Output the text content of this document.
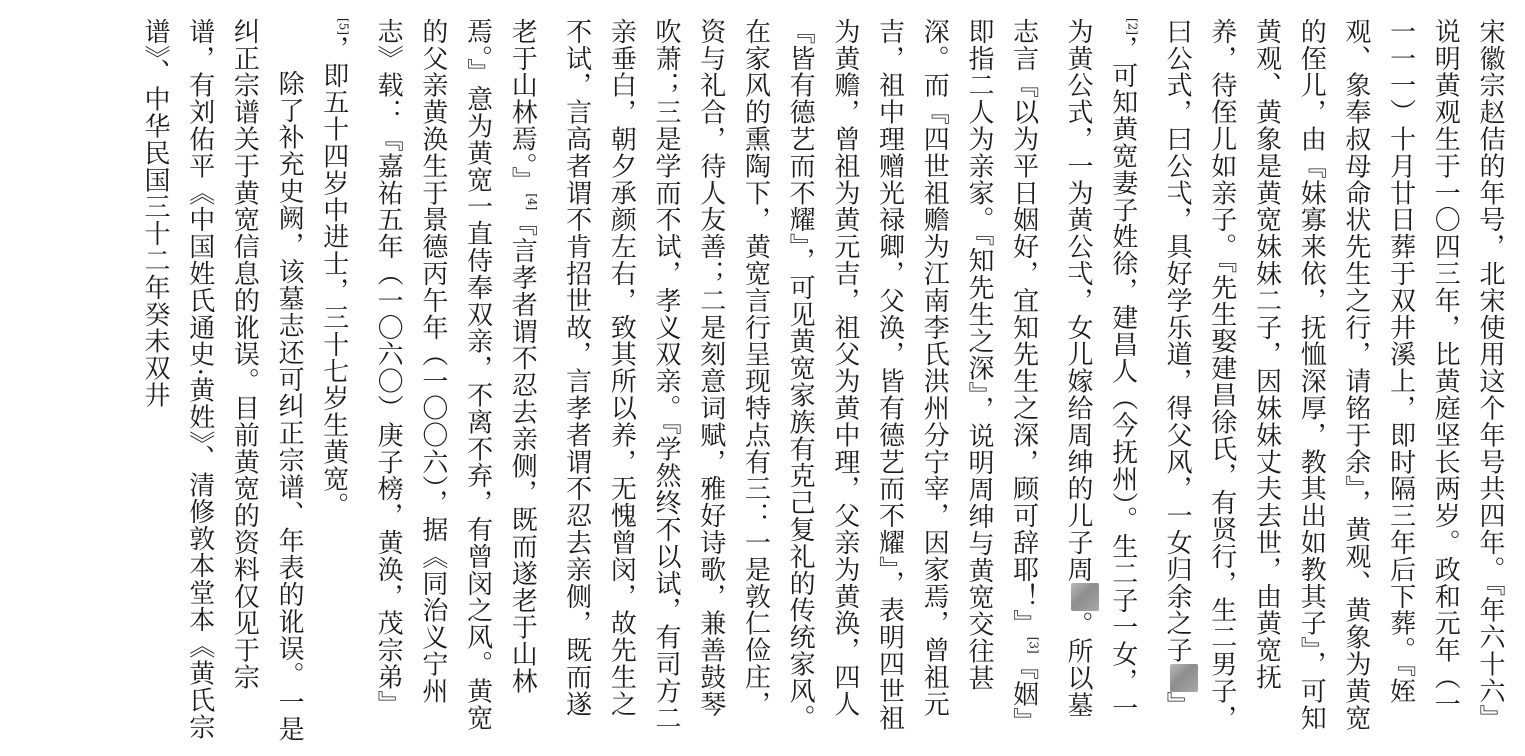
宋徽宗赵佶的年号，北宋使用这个年号共四年。『年六十六』说明黄观生于一〇四三年，比黄庭坚长两岁。政和元年（一一一一）十月廿日葬于双井溪上，即时隔三年后下葬。『姪观、象奉叔母命状先生之行，请铭于余』，黄观、黄象为黄宽的侄儿，由『妹寡来依，抚恤深厚，教其出如教其子』，可知黄观、黄象是黄宽妹妹二子，因妹妹丈夫去世，由黄宽抚养，待侄儿如亲子。『先生娶建昌徐氏，有贤行，生二男子，曰公式，曰公弌，具好学乐道，得父风，一女归余之子』[2]，可知黄宽妻子姓徐，建昌人（今抚州）。生二子一女，一为黄公式，一为黄公弌，女儿嫁给周绅的儿子周。所以墓志言『以为平日姻好，宜知先生之深，顾可辞耶！』[3]『姻』即指二人为亲家。『知先生之深』，说明周绅与黄宽交往甚深。而『四世祖赡为江南李氏洪州分宁宰，因家焉，曾祖元吉，祖中理赠光禄卿，父涣，皆有德艺而不耀』，表明四世祖为黄赡，曾祖为黄元吉，祖父为黄中理，父亲为黄涣，四人『皆有德艺而不耀』，可见黄宽家族有克己复礼的传统家风。在家风的熏陶下，黄宽言行呈现特点有三：一是敦仁俭庄，资与礼合，待人友善；二是刻意词赋，雅好诗歌，兼善鼓琴吹萧；三是学而不试，孝义双亲。『学然终不以试，有司方二亲垂白，朝夕承颜左右，致其所以养，无愧曾闵，故先生之不试，言高者谓不肯招世故，言孝者谓不忍去亲侧，既而遂老于山林焉。』[4]『言孝者谓不忍去亲侧，既而遂老于山林焉。』意为黄宽一直侍奉双亲，不离不弃，有曾闵之风。黄宽的父亲黄涣生于景德丙午年（一〇〇六），据《同治义宁州志》载：『嘉祐五年（一〇六〇）庚子榜，黄涣，茂宗弟』[5]，即五十四岁中进士，三十七岁生黄宽。

除了补充史阙，该墓志还可纠正宗谱、年表的讹误。一是纠正宗谱关于黄宽信息的讹误。目前黄宽的资料仅见于宗谱，有刘佑平《中国姓氏通史·黄姓》、清修敦本堂本《黄氏宗谱》、中华民国三十二年癸未双井
